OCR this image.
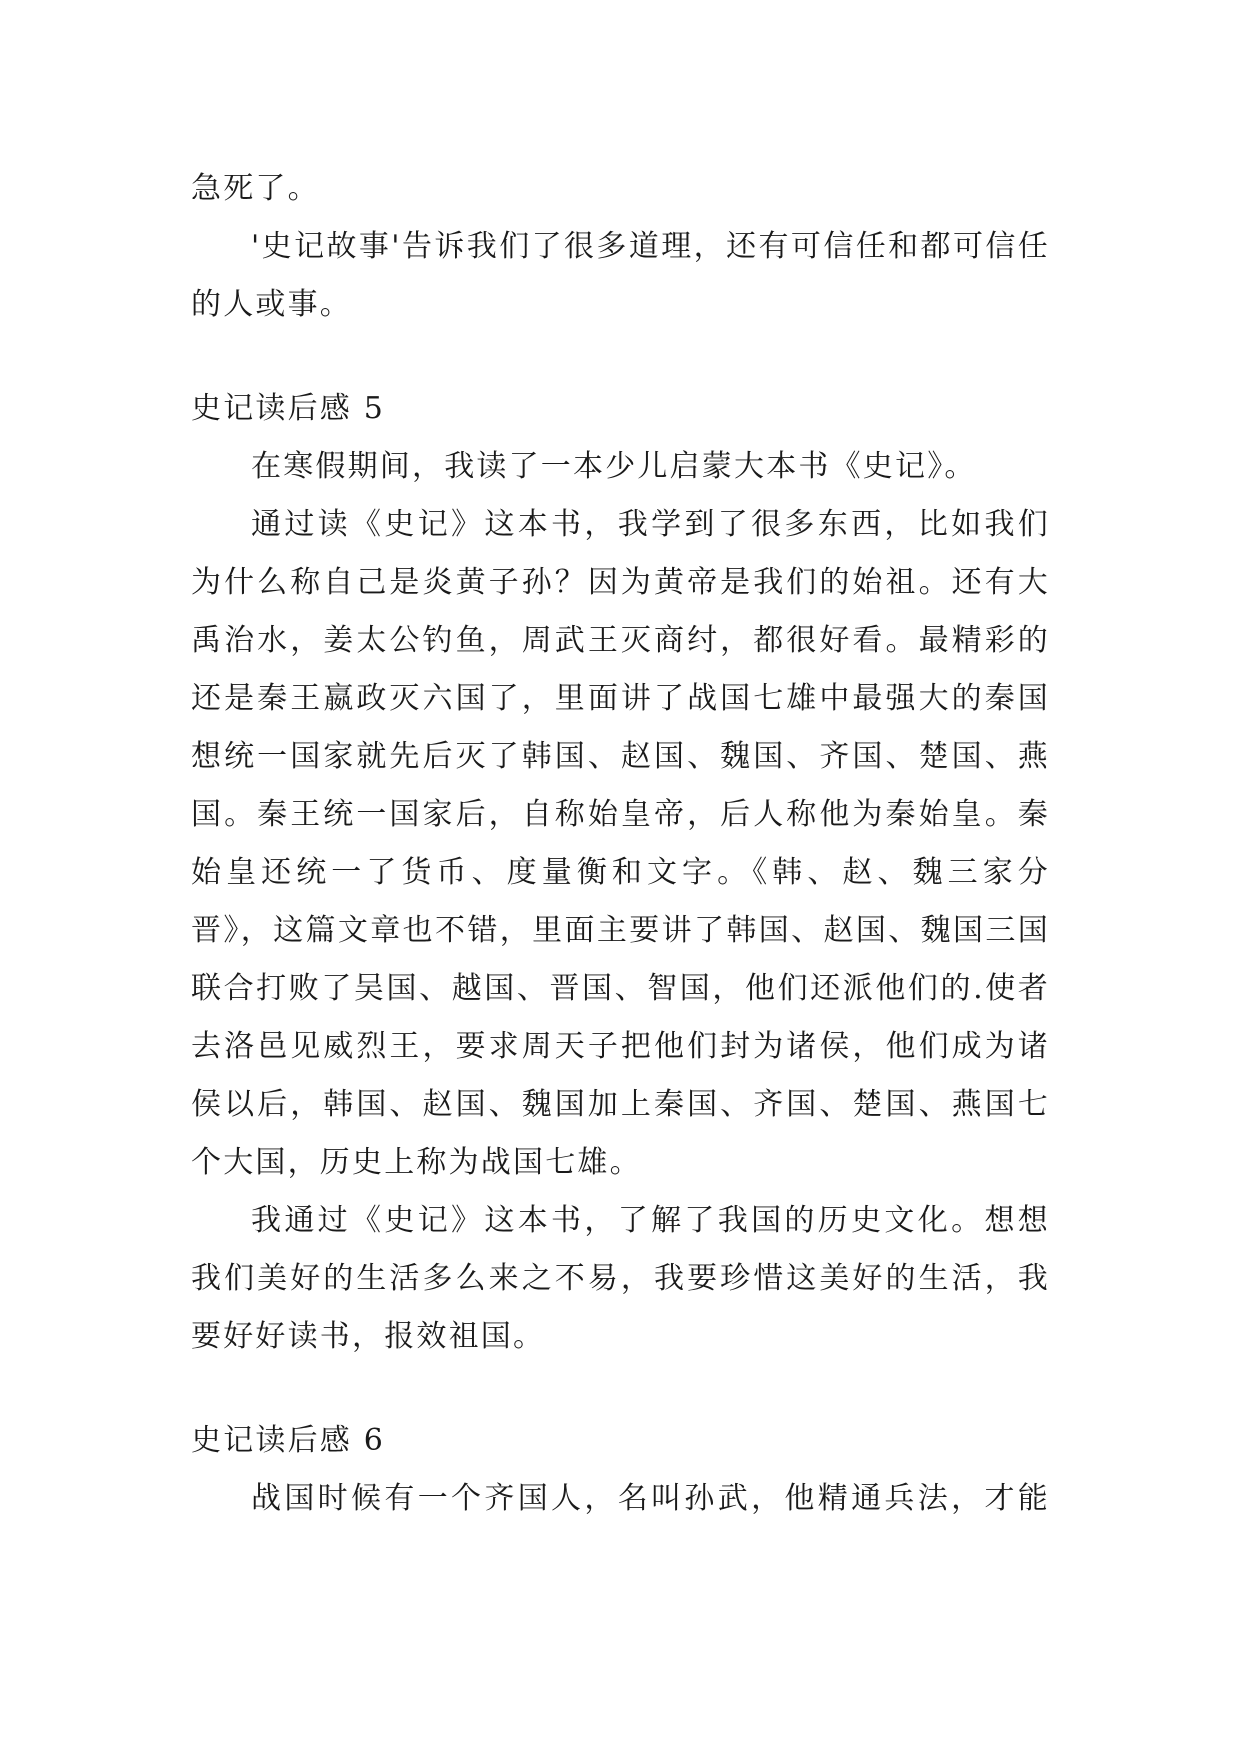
急死了。

'史记故事'告诉我们了很多道理，还有可信任和都可信任的人或事。

史记读后感 5

在寒假期间，我读了一本少儿启蒙大本书《史记》。

通过读《史记》这本书，我学到了很多东西，比如我们为什么称自己是炎黄子孙？因为黄帝是我们的始祖。还有大禹治水，姜太公钓鱼，周武王灭商纣，都很好看。最精彩的还是秦王嬴政灭六国了，里面讲了战国七雄中最强大的秦国想统一国家就先后灭了韩国、赵国、魏国、齐国、楚国、燕国。秦王统一国家后，自称始皇帝，后人称他为秦始皇。秦始皇还统一了货币、度量衡和文字。《韩、赵、魏三家分晋》，这篇文章也不错，里面主要讲了韩国、赵国、魏国三国联合打败了吴国、越国、晋国、智国，他们还派他们的.使者去洛邑见威烈王，要求周天子把他们封为诸侯，他们成为诸侯以后，韩国、赵国、魏国加上秦国、齐国、楚国、燕国七个大国，历史上称为战国七雄。

我通过《史记》这本书，了解了我国的历史文化。想想我们美好的生活多么来之不易，我要珍惜这美好的生活，我要好好读书，报效祖国。

史记读后感 6

战国时候有一个齐国人，名叫孙武，他精通兵法，才能
